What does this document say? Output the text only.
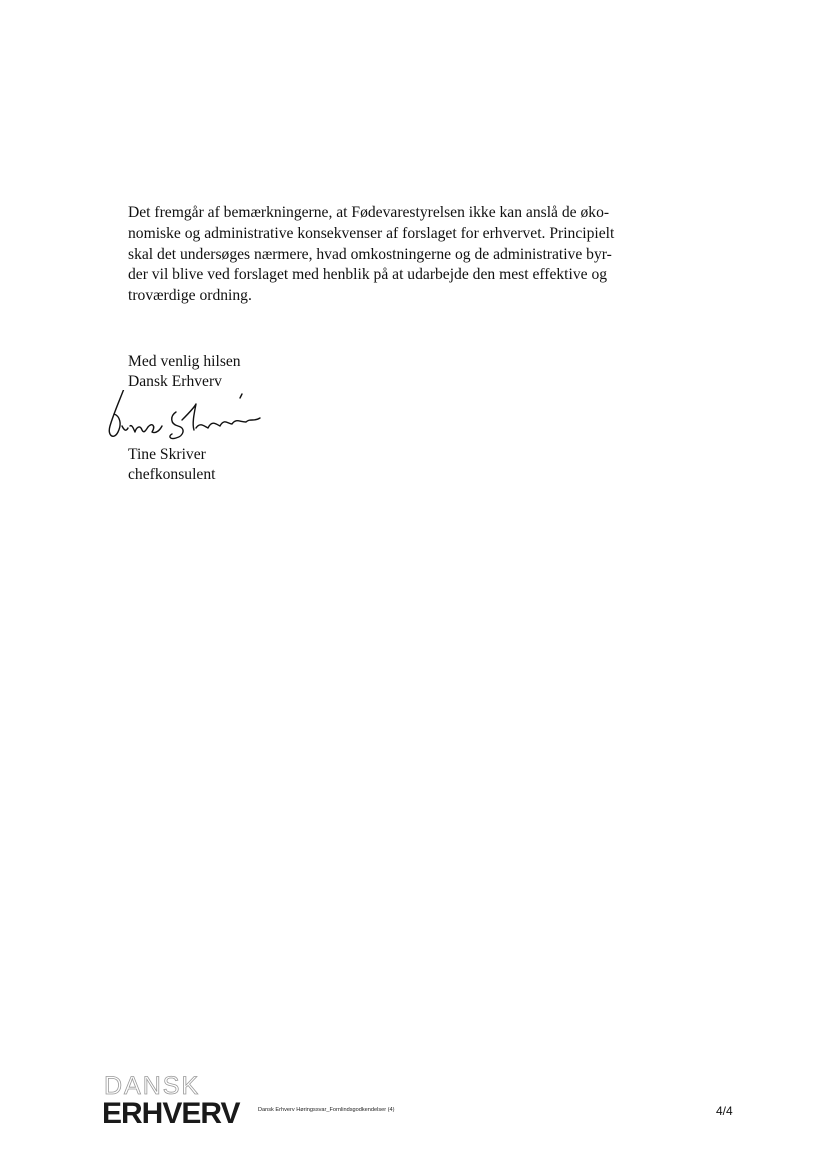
Det fremgår af bemærkningerne, at Fødevarestyrelsen ikke kan anslå de øko-
nomiske og administrative konsekvenser af forslaget for erhvervet. Principielt
skal det undersøges nærmere, hvad omkostningerne og de administrative byr-
der vil blive ved forslaget med henblik på at udarbejde den mest effektive og
troværdige ordning.
Med venlig hilsen
Dansk Erhverv
Tine Skriver
chefkonsulent
DANSK
ERHVERV	Dansk Erhverv Høringssvar_Fornlindsgodkendelser (4)	4/4
